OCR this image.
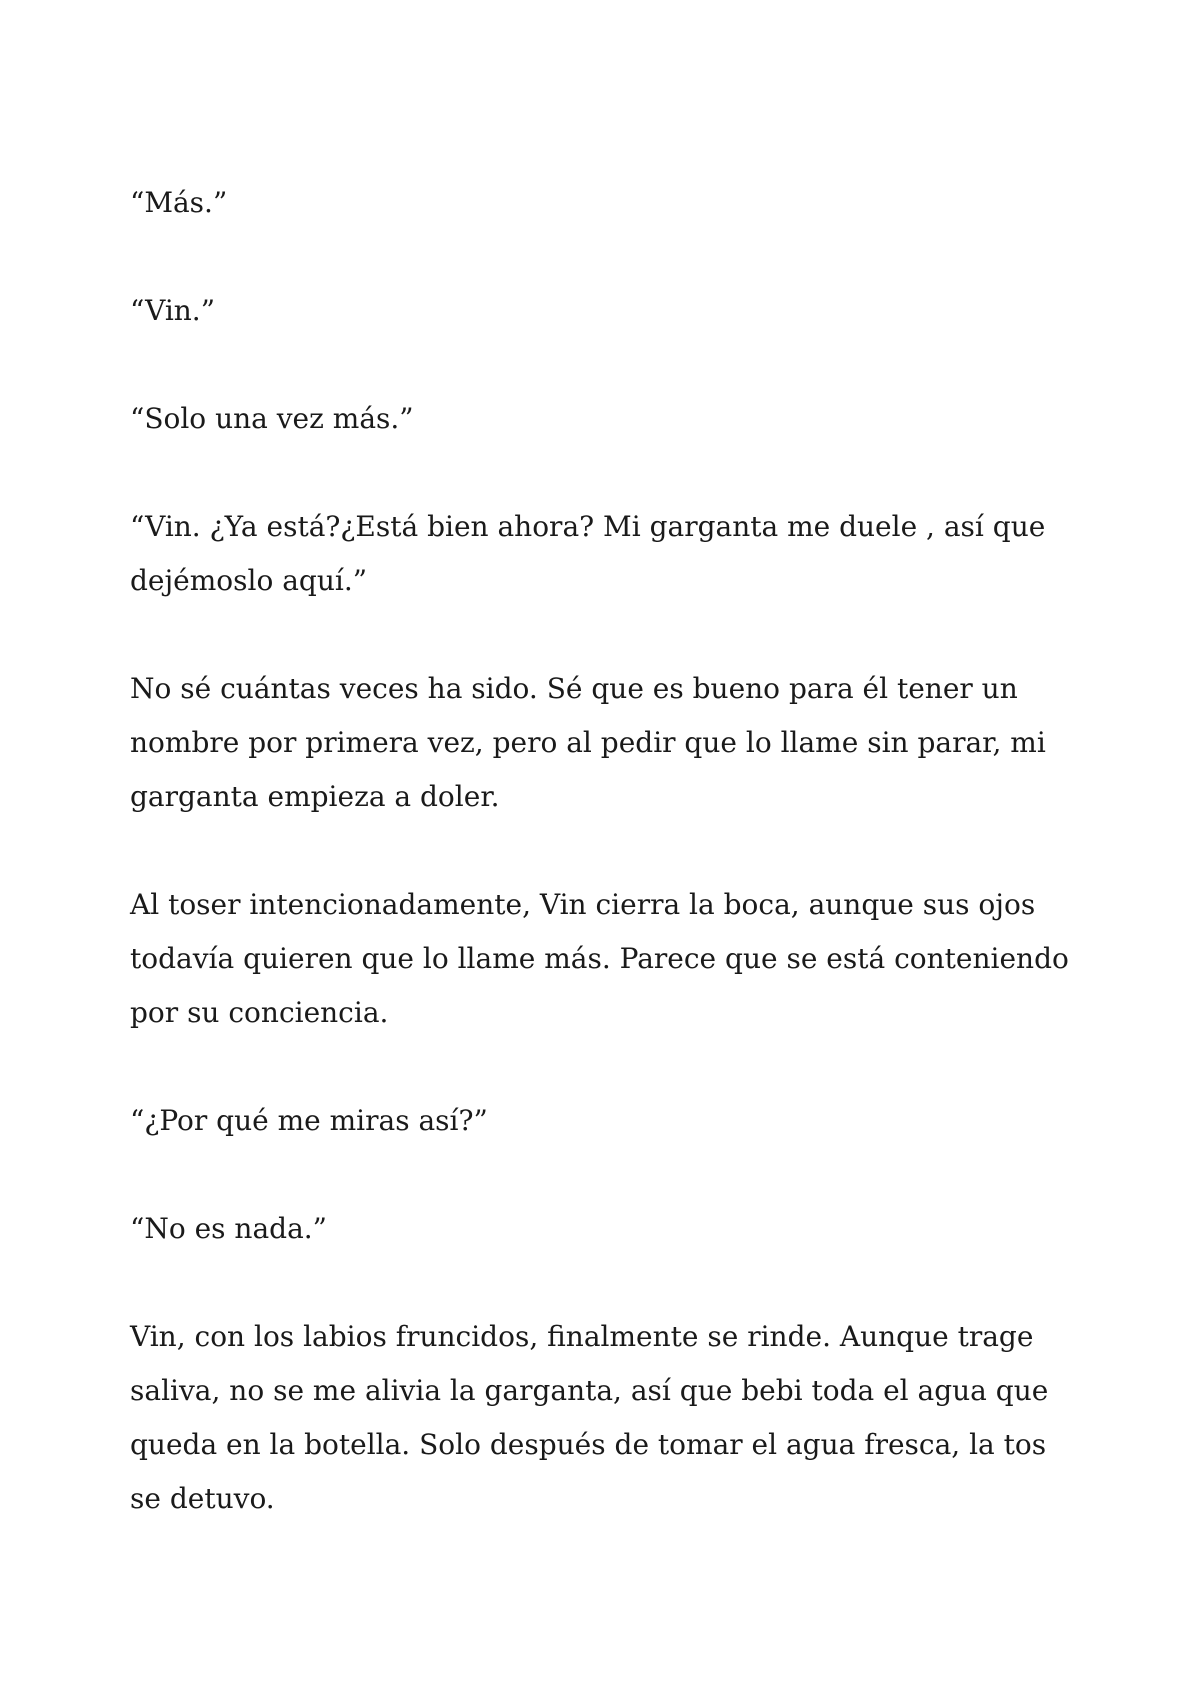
“Más.”

“Vin.”

“Solo una vez más.”

“Vin. ¿Ya está?¿Está bien ahora? Mi garganta me duele , así que dejémoslo aquí.”

No sé cuántas veces ha sido. Sé que es bueno para él tener un nombre por primera vez, pero al pedir que lo llame sin parar, mi garganta empieza a doler.

Al toser intencionadamente, Vin cierra la boca, aunque sus ojos todavía quieren que lo llame más. Parece que se está conteniendo por su conciencia.

“¿Por qué me miras así?”

“No es nada.”

Vin, con los labios fruncidos, finalmente se rinde. Aunque trage saliva, no se me alivia la garganta, así que bebi toda el agua que queda en la botella. Solo después de tomar el agua fresca, la tos se detuvo.
